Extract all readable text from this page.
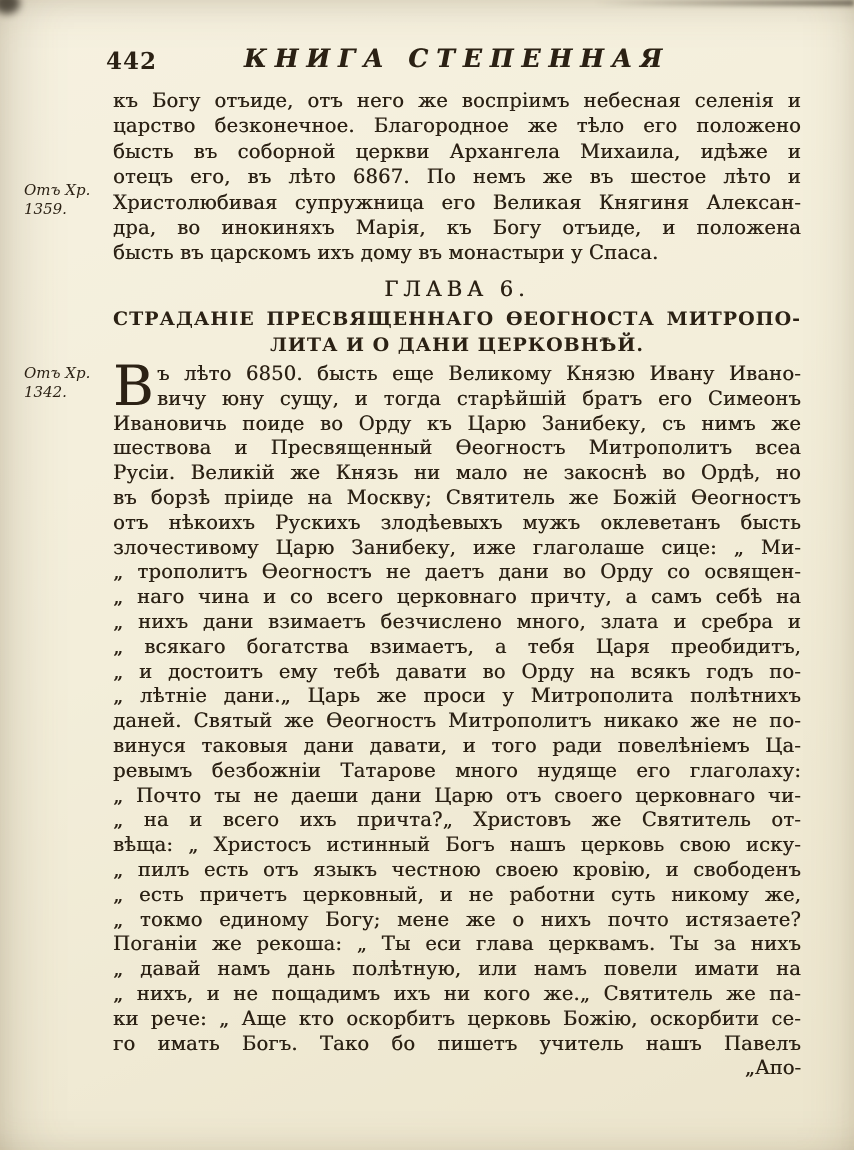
442	КНИГА СТЕПЕННАЯ
Отъ Хр.
1359.
Отъ Хр.
1342.
къ Богу отъиде, отъ него же воспріимъ небесная селенія и
царство безконечное. Благородное же тѣло его положено
бысть въ соборной церкви Архангела Михаила, идѣже и
отецъ его, въ лѣто 6867. По немъ же въ шестое лѣто и
Христолюбивая супружница его Великая Княгиня Алексан-
дра, во инокиняхъ Марія, къ Богу отъиде, и положена
бысть въ царскомъ ихъ дому въ монастыри у Спаса.
ГЛАВА 6.
СТРАДАНІЕ ПРЕСВЯЩЕННАГО ѲЕОГНОСТА МИТРОПО-
ЛИТА И О ДАНИ ЦЕРКОВНѢЙ.
В ъ лѣто 6850. бысть еще Великому Князю Ивану Ивано-
вичу юну сущу, и тогда старѣйшій братъ его Симеонъ
Ивановичь поиде во Орду къ Царю Занибеку, съ нимъ же
шествова и Пресвященный Ѳеогностъ Митрополитъ всеа
Русіи. Великій же Князь ни мало не закоснѣ во Ордѣ, но
въ борзѣ пріиде на Москву; Святитель же Божій Ѳеогностъ
отъ нѣкоихъ Рускихъ злодѣевыхъ мужъ оклеветанъ бысть
злочестивому Царю Занибеку, иже глаголаше сице: „ Ми-
„ трополитъ Ѳеогностъ не даетъ дани во Орду со освящен-
„ наго чина и со всего церковнаго причту, а самъ себѣ на
„ нихъ дани взимаетъ безчислено много, злата и сребра и
„ всякаго богатства взимаетъ, а тебя Царя преобидитъ,
„ и достоитъ ему тебѣ давати во Орду на всякъ годъ по-
„ лѣтніе дани.„ Царь же проси у Митрополита полѣтнихъ
даней. Святый же Ѳеогностъ Митрополитъ никако же не по-
винуся таковыя дани давати, и того ради повелѣніемъ Ца-
ревымъ безбожніи Татарове много нудяще его глаголаху:
„ Почто ты не даеши дани Царю отъ своего церковнаго чи-
„ на и всего ихъ причта?„ Христовъ же Святитель от-
вѣща: „ Христосъ истинный Богъ нашъ церковь свою иску-
„ пилъ есть отъ языкъ честною своею кровію, и свободенъ
„ есть причетъ церковный, и не работни суть никому же,
„ токмо единому Богу; мене же о нихъ почто истязаете?
Поганіи же рекоша: „ Ты еси глава церквамъ. Ты за нихъ
„ давай намъ дань полѣтную, или намъ повели имати на
„ нихъ, и не пощадимъ ихъ ни кого же.„ Святитель же па-
ки рече: „ Аще кто оскорбитъ церковь Божію, оскорбити се-
го имать Богъ. Тако бо пишетъ учитель нашъ Павелъ
„Апо-
